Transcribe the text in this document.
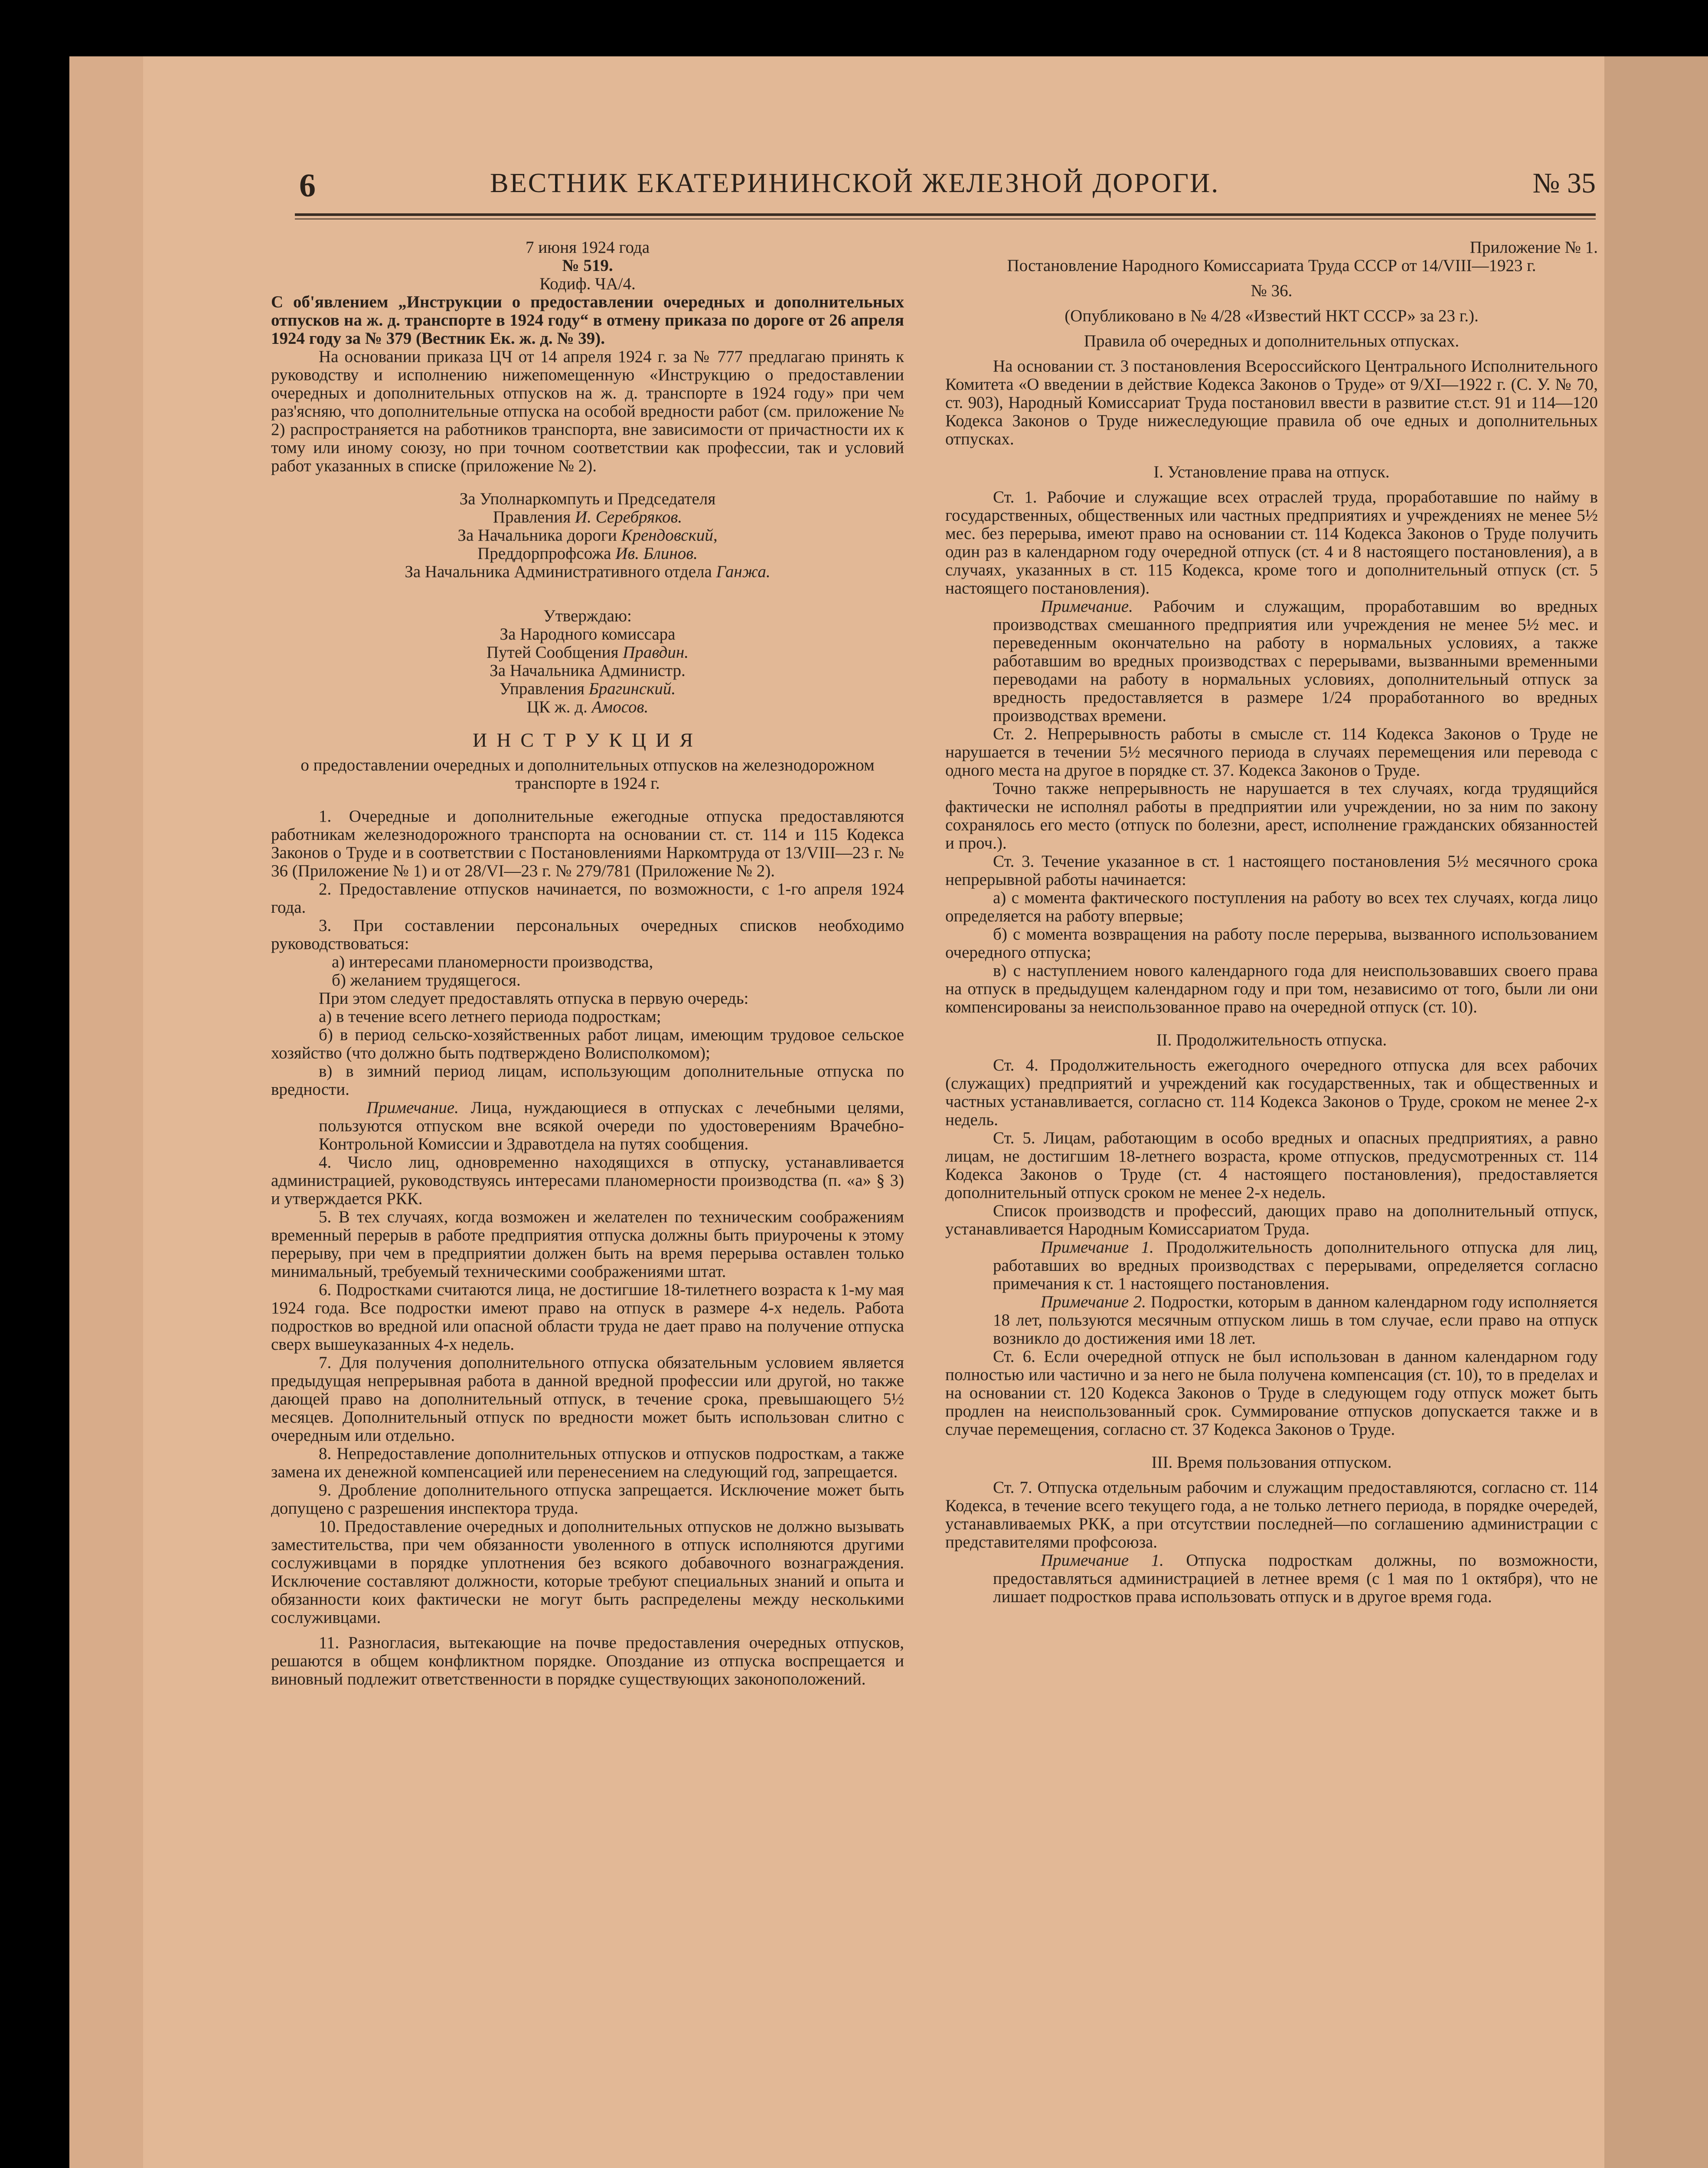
6	ВЕСТНИК ЕКАТЕРИНИНСКОЙ ЖЕЛЕЗНОЙ ДОРОГИ.	№ 35

7 июня 1924 года

№ 519.

Кодиф. ЧА/4.

С об'явлением „Инструкции о предоставлении очередных и дополнительных отпусков на ж. д. транспорте в 1924 году“ в отмену приказа по дороге от 26 апреля 1924 году за № 379 (Вестник Ек. ж. д. № 39).

На основании приказа ЦЧ от 14 апреля 1924 г. за № 777 предлагаю принять к руководству и исполнению нижепомещенную «Инструкцию о предоставлении очередных и дополнительных отпусков на ж. д. транспорте в 1924 году» при чем раз'ясняю, что дополнительные отпуска на особой вредности работ (см. приложение № 2) распространяется на работников транспорта, вне зависимости от причастности их к тому или иному союзу, но при точном соответствии как профессии, так и условий работ указанных в списке (приложение № 2).

За Уполнаркомпуть и Председателя

Правления И. Серебряков.

За Начальника дороги Крендовский,

Преддорпрофсожа Ив. Блинов.

За Начальника Административного отдела Ганжа.

Утверждаю:

За Народного комиссара

Путей Сообщения Правдин.

За Начальника Администр.

Управления Брагинский.

ЦК ж. д. Амосов.

ИНСТРУКЦИЯ

о предоставлении очередных и дополнительных отпусков на железнодорожном транспорте в 1924 г.

1. Очередные и дополнительные ежегодные отпуска предоставляются работникам железнодорожного транспорта на основании ст. ст. 114 и 115 Кодекса Законов о Труде и в соответствии с Постановлениями Наркомтруда от 13/VIII—23 г. № 36 (Приложение № 1) и от 28/VI—23 г. № 279/781 (Приложение № 2).

2. Предоставление отпусков начинается, по возможности, с 1-го апреля 1924 года.

3. При составлении персональных очередных списков необходимо руководствоваться:

а) интересами планомерности производства,

б) желанием трудящегося.

При этом следует предоставлять отпуска в первую очередь:

а) в течение всего летнего периода подросткам;

б) в период сельско-хозяйственных работ лицам, имеющим трудовое сельское хозяйство (что должно быть подтверждено Волисполкомом);

в) в зимний период лицам, использующим дополнительные отпуска по вредности.

Примечание. Лица, нуждающиеся в отпусках с лечебными целями, пользуются отпуском вне всякой очереди по удостоверениям Врачебно-Контрольной Комиссии и Здравотдела на путях сообщения.

4. Число лиц, одновременно находящихся в отпуску, устанавливается администрацией, руководствуясь интересами планомерности производства (п. «а» § 3) и утверждается РКК.

5. В тех случаях, когда возможен и желателен по техническим соображениям временный перерыв в работе предприятия отпуска должны быть приурочены к этому перерыву, при чем в предприятии должен быть на время перерыва оставлен только минимальный, требуемый техническими соображениями штат.

6. Подростками считаются лица, не достигшие 18-тилетнего возраста к 1-му мая 1924 года. Все подростки имеют право на отпуск в размере 4-х недель. Работа подростков во вредной или опасной области труда не дает право на получение отпуска сверх вышеуказанных 4-х недель.

7. Для получения дополнительного отпуска обязательным условием является предыдущая непрерывная работа в данной вредной профессии или другой, но также дающей право на дополнительный отпуск, в течение срока, превышающего 5½ месяцев. Дополнительный отпуск по вредности может быть использован слитно с очередным или отдельно.

8. Непредоставление дополнительных отпусков и отпусков подросткам, а также замена их денежной компенсацией или перенесением на следующий год, запрещается.

9. Дробление дополнительного отпуска запрещается. Исключение может быть допущено с разрешения инспектора труда.

10. Предоставление очередных и дополнительных отпусков не должно вызывать заместительства, при чем обязанности уволенного в отпуск исполняются другими сослуживцами в порядке уплотнения без всякого добавочного вознаграждения. Исключение составляют должности, которые требуют специальных знаний и опыта и обязанности коих фактически не могут быть распределены между несколькими сослуживцами.

11. Разногласия, вытекающие на почве предоставления очередных отпусков, решаются в общем конфликтном порядке. Опоздание из отпуска воспрещается и виновный подлежит ответственности в порядке существующих законоположений.

Приложение № 1.

Постановление Народного Комиссариата Труда СССР от 14/VIII—1923 г.

№ 36.

(Опубликовано в № 4/28 «Известий НКТ СССР» за 23 г.).

Правила об очередных и дополнительных отпусках.

На основании ст. 3 постановления Всероссийского Центрального Исполнительного Комитета «О введении в действие Кодекса Законов о Труде» от 9/XI—1922 г. (С. У. № 70, ст. 903), Народный Комиссариат Труда постановил ввести в развитие ст.ст. 91 и 114—120 Кодекса Законов о Труде нижеследующие правила об оче едных и дополнительных отпусках.

I. Установление права на отпуск.

Ст. 1. Рабочие и служащие всех отраслей труда, проработавшие по найму в государственных, общественных или частных предприятиях и учреждениях не менее 5½ мес. без перерыва, имеют право на основании ст. 114 Кодекса Законов о Труде получить один раз в календарном году очередной отпуск (ст. 4 и 8 настоящего постановления), а в случаях, указанных в ст. 115 Кодекса, кроме того и дополнительный отпуск (ст. 5 настоящего постановления).

Примечание. Рабочим и служащим, проработавшим во вредных производствах смешанного предприятия или учреждения не менее 5½ мес. и переведенным окончательно на работу в нормальных условиях, а также работавшим во вредных производствах с перерывами, вызванными временными переводами на работу в нормальных условиях, дополнительный отпуск за вредность предоставляется в размере 1/24 проработанного во вредных производствах времени.

Ст. 2. Непрерывность работы в смысле ст. 114 Кодекса Законов о Труде не нарушается в течении 5½ месячного периода в случаях перемещения или перевода с одного места на другое в порядке ст. 37. Кодекса Законов о Труде.

Точно также непрерывность не нарушается в тех случаях, когда трудящийся фактически не исполнял работы в предприятии или учреждении, но за ним по закону сохранялось его место (отпуск по болезни, арест, исполнение гражданских обязанностей и проч.).

Ст. 3. Течение указанное в ст. 1 настоящего постановления 5½ месячного срока непрерывной работы начинается:

а) с момента фактического поступления на работу во всех тех случаях, когда лицо определяется на работу впервые;

б) с момента возвращения на работу после перерыва, вызванного использованием очередного отпуска;

в) с наступлением нового календарного года для неиспользовавших своего права на отпуск в предыдущем календарном году и при том, независимо от того, были ли они компенсированы за неиспользованное право на очередной отпуск (ст. 10).

II. Продолжительность отпуска.

Ст. 4. Продолжительность ежегодного очередного отпуска для всех рабочих (служащих) предприятий и учреждений как государственных, так и общественных и частных устанавливается, согласно ст. 114 Кодекса Законов о Труде, сроком не менее 2-х недель.

Ст. 5. Лицам, работающим в особо вредных и опасных предприятиях, а равно лицам, не достигшим 18-летнего возраста, кроме отпусков, предусмотренных ст. 114 Кодекса Законов о Труде (ст. 4 настоящего постановления), предоставляется дополнительный отпуск сроком не менее 2-х недель.

Список производств и профессий, дающих право на дополнительный отпуск, устанавливается Народным Комиссариатом Труда.

Примечание 1. Продолжительность дополнительного отпуска для лиц, работавших во вредных производствах с перерывами, определяется согласно примечания к ст. 1 настоящего постановления.

Примечание 2. Подростки, которым в данном календарном году исполняется 18 лет, пользуются месячным отпуском лишь в том случае, если право на отпуск возникло до достижения ими 18 лет.

Ст. 6. Если очередной отпуск не был использован в данном календарном году полностью или частично и за него не была получена компенсация (ст. 10), то в пределах и на основании ст. 120 Кодекса Законов о Труде в следующем году отпуск может быть продлен на неиспользованный срок. Суммирование отпусков допускается также и в случае перемещения, согласно ст. 37 Кодекса Законов о Труде.

III. Время пользования отпуском.

Ст. 7. Отпуска отдельным рабочим и служащим предоставляются, согласно ст. 114 Кодекса, в течение всего текущего года, а не только летнего периода, в порядке очередей, устанавливаемых РКК, а при отсутствии последней—по соглашению администрации с представителями профсоюза.

Примечание 1. Отпуска подросткам должны, по возможности, предоставляться администрацией в летнее время (с 1 мая по 1 октября), что не лишает подростков права использовать отпуск и в другое время года.
